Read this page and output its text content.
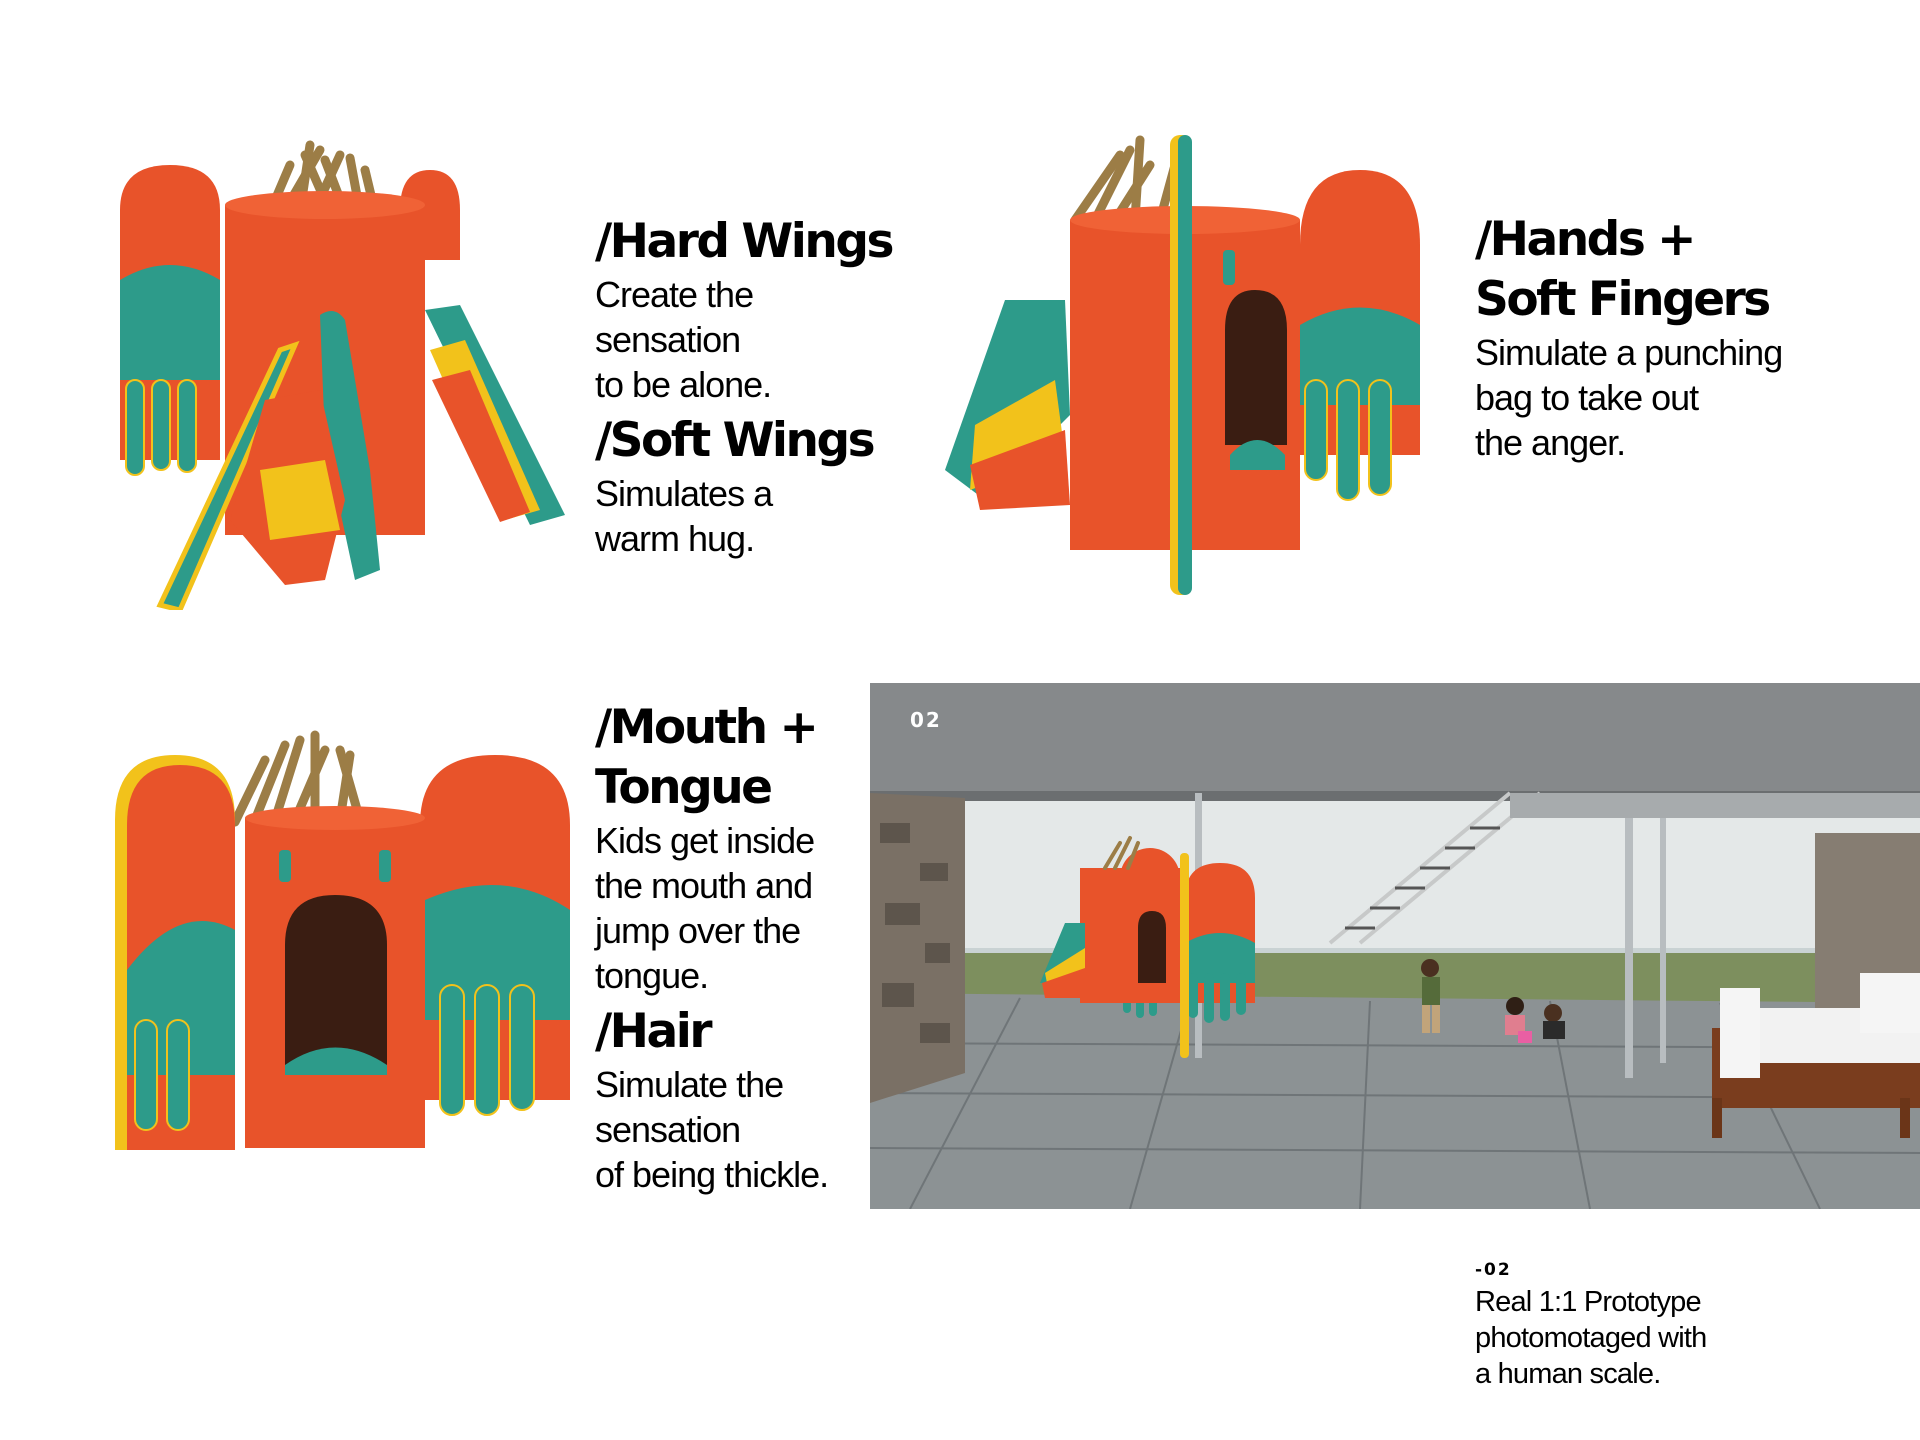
/Hard Wings
Create the
sensation
to be alone.
/Soft Wings
Simulates a
warm hug.
/Hands +
Soft Fingers
Simulate a punching
bag to take out
the anger.
/Mouth +
Tongue
Kids get inside
the mouth and
jump over the
tongue.
/Hair
Simulate the
sensation
of being thickle.
02
-02
Real 1:1 Prototype
photomotaged with
a human scale.
